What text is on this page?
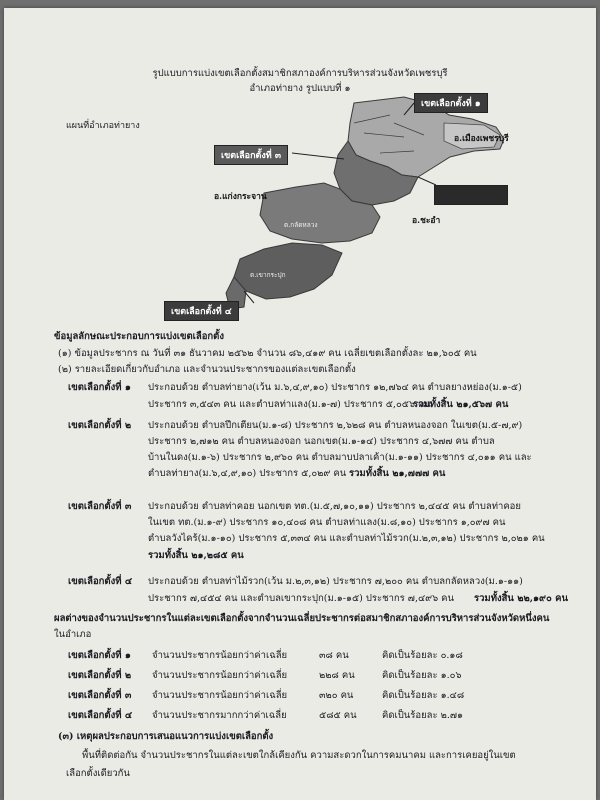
รูปแบบการแบ่งเขตเลือกตั้งสมาชิกสภาองค์การบริหารส่วนจังหวัดเพชรบุรี
อำเภอท่ายาง รูปแบบที่ ๑
แผนที่อำเภอท่ายาง
เขตเลือกตั้งที่ ๑
เขตเลือกตั้งที่ ๓
เขตเลือกตั้งที่ ๒
เขตเลือกตั้งที่ ๔
อ.เมืองเพชรบุรี
อ.แก่งกระจาน
อ.ชะอำ
ต.กลัดหลวง
ต.เขากระปุก
ข้อมูลลักษณะประกอบการแบ่งเขตเลือกตั้ง
(๑) ข้อมูลประชากร ณ วันที่ ๓๑ ธันวาคม ๒๕๖๒ จำนวน ๘๖,๔๑๙ คน เฉลี่ยเขตเลือกตั้งละ ๒๑,๖๐๕ คน
(๒) รายละเอียดเกี่ยวกับอำเภอ และจำนวนประชากรของแต่ละเขตเลือกตั้ง
เขตเลือกตั้งที่ ๑ ประกอบด้วย ตำบลท่ายาง(เว้น ม.๖,๔,๙,๑๐) ประชากร ๑๒,๗๖๔ คน ตำบลยางหย่อง(ม.๑-๕)
ประชากร ๓,๕๔๓ คน และตำบลท่าแลง(ม.๑-๗) ประชากร ๕,๐๕๖ คน
รวมทั้งสิ้น ๒๑,๕๖๗ คน
เขตเลือกตั้งที่ ๒ ประกอบด้วย ตำบลปึกเตียน(ม.๑-๘) ประชากร ๒,๖๒๘ คน ตำบลหนองจอก ในเขต(ม.๕-๗,๙)
ประชากร ๒,๗๑๒ คน ตำบลหนองจอก นอกเขต(ม.๑-๑๔) ประชากร ๔,๖๗๗ คน ตำบล
บ้านในดง(ม.๑-๖) ประชากร ๒,๙๖๐ คน ตำบลมาบปลาเค้า(ม.๑-๑๑) ประชากร ๔,๐๑๑ คน และ
ตำบลท่ายาง(ม.๖,๔,๙,๑๐) ประชากร ๕,๐๒๙ คน รวมทั้งสิ้น ๒๑,๗๗๗ คน
เขตเลือกตั้งที่ ๓ ประกอบด้วย ตำบลท่าคอย นอกเขต ทต.(ม.๕,๗,๑๐,๑๑) ประชากร ๒,๔๔๕ คน ตำบลท่าคอย
ในเขต ทต.(ม.๑-๙) ประชากร ๑๐,๔๐๘ คน ตำบลท่าแลง(ม.๘,๑๐) ประชากร ๑,๐๙๗ คน
ตำบลวังไคร้(ม.๑-๑๐) ประชากร ๕,๓๓๔ คน และตำบลท่าไม้รวก(ม.๒,๓,๑๒) ประชากร ๒,๐๒๑ คน
รวมทั้งสิ้น ๒๑,๒๘๕ คน
เขตเลือกตั้งที่ ๔ ประกอบด้วย ตำบลท่าไม้รวก(เว้น ม.๒,๓,๑๒) ประชากร ๗,๒๐๐ คน ตำบลกลัดหลวง(ม.๑-๑๑)
ประชากร ๗,๔๕๔ คน และตำบลเขากระปุก(ม.๑-๑๕) ประชากร ๗,๔๙๖ คน รวมทั้งสิ้น ๒๒,๑๙๐ คน
ผลต่างของจำนวนประชากรในแต่ละเขตเลือกตั้งจากจำนวนเฉลี่ยประชากรต่อสมาชิกสภาองค์การบริหารส่วนจังหวัดหนึ่งคน
ในอำเภอ
เขตเลือกตั้งที่ ๑ จำนวนประชากรน้อยกว่าค่าเฉลี่ย	๓๘ คน	คิดเป็นร้อยละ ๐.๑๘
เขตเลือกตั้งที่ ๒ จำนวนประชากรน้อยกว่าค่าเฉลี่ย	๒๒๘ คน	คิดเป็นร้อยละ ๑.๐๖
เขตเลือกตั้งที่ ๓ จำนวนประชากรน้อยกว่าค่าเฉลี่ย	๓๒๐ คน	คิดเป็นร้อยละ ๑.๔๘
เขตเลือกตั้งที่ ๔ จำนวนประชากรมากกว่าค่าเฉลี่ย	๕๘๕ คน	คิดเป็นร้อยละ ๒.๗๑
(๓) เหตุผลประกอบการเสนอแนวการแบ่งเขตเลือกตั้ง
พื้นที่ติดต่อกัน จำนวนประชากรในแต่ละเขตใกล้เคียงกัน ความสะดวกในการคมนาคม และการเคยอยู่ในเขต
เลือกตั้งเดียวกัน
